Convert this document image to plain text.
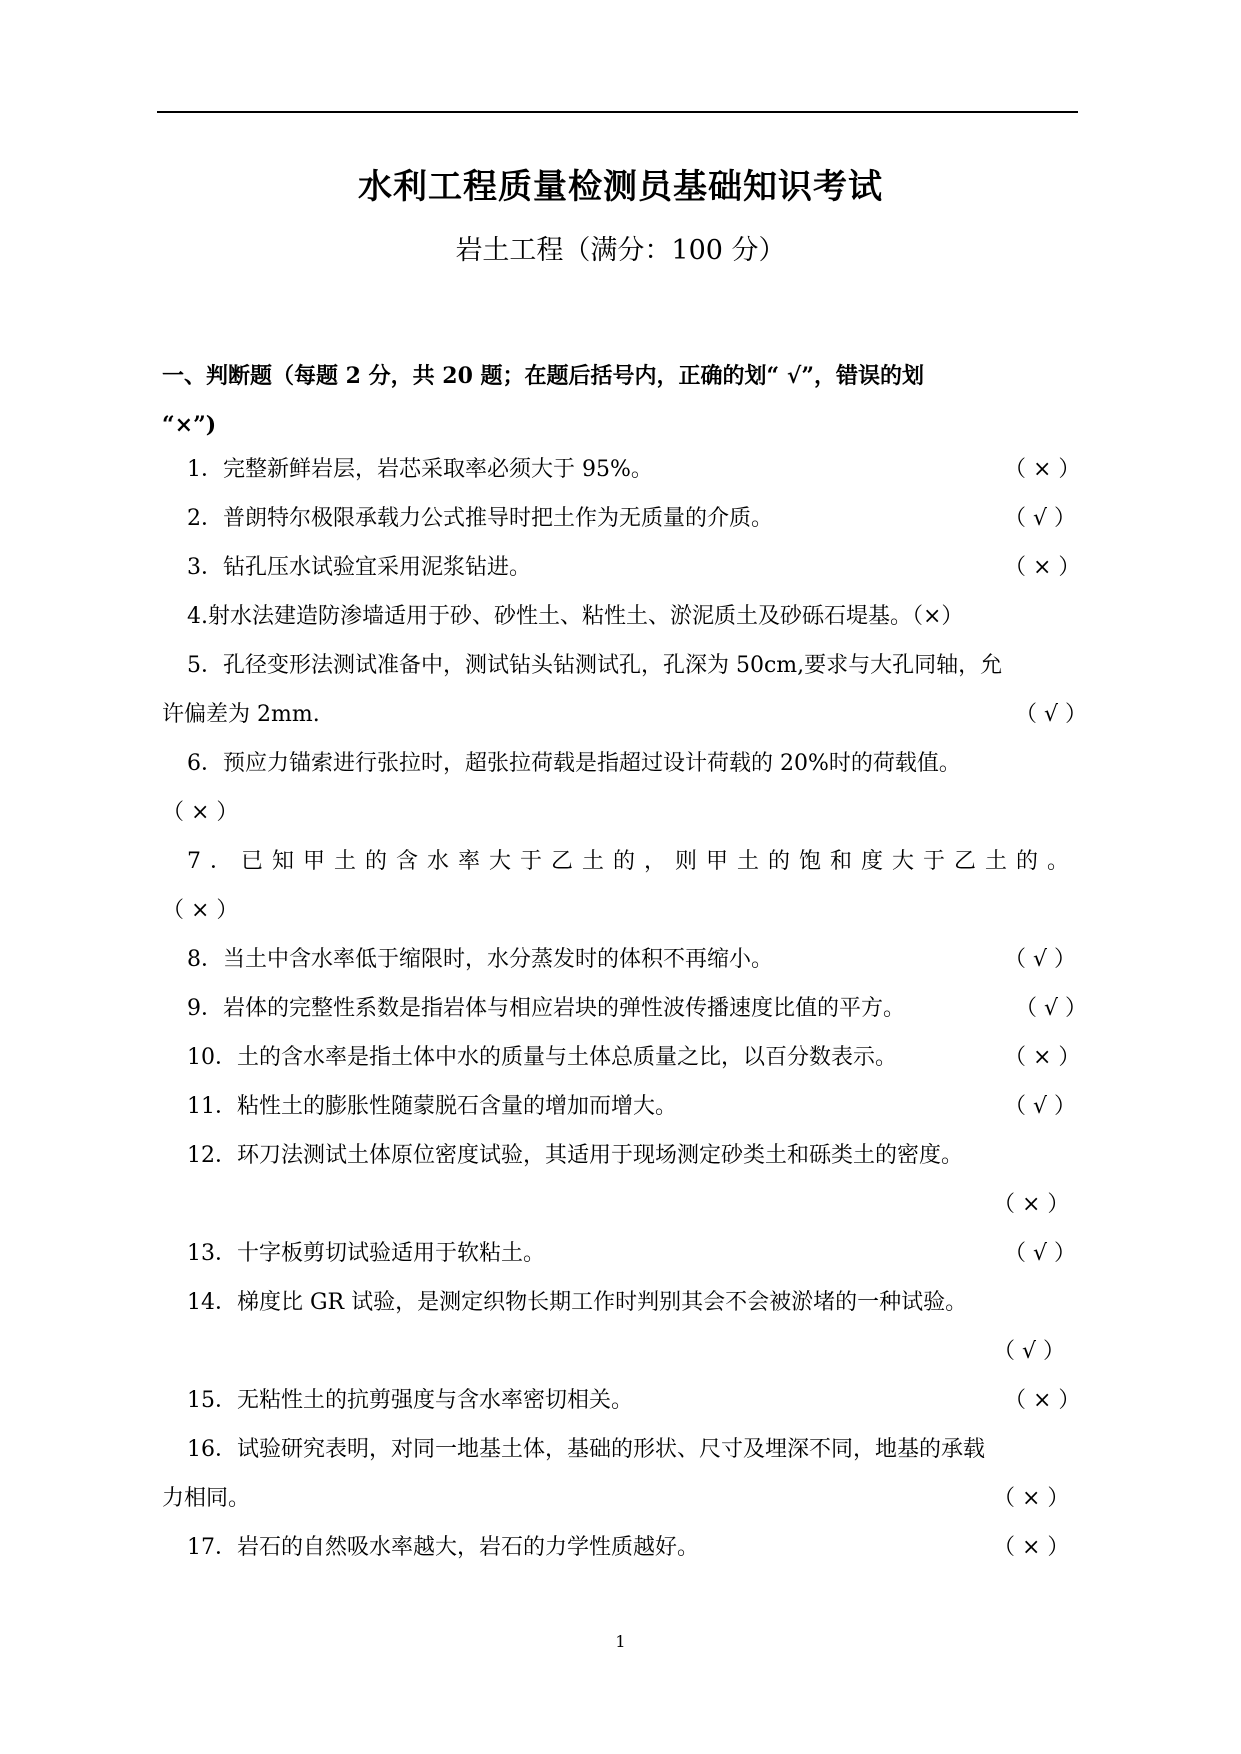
水利工程质量检测员基础知识考试
岩土工程（满分：100 分）
一、判断题（每题 2 分，共 20 题；在题后括号内，正确的划“ √”，错误的划
“×”)
1．完整新鲜岩层，岩芯采取率必须大于 95%。	（ × ）
2．普朗特尔极限承载力公式推导时把土作为无质量的介质。	（ √ ）
3．钻孔压水试验宜采用泥浆钻进。	（ × ）
4.射水法建造防渗墙适用于砂、砂性土、粘性土、淤泥质土及砂砾石堤基。（×）
5．孔径变形法测试准备中，测试钻头钻测试孔，孔深为 50cm,要求与大孔同轴，允
许偏差为 2mm.	（ √ ）
6．预应力锚索进行张拉时，超张拉荷载是指超过设计荷载的 20%时的荷载值。
（ × ）
7．已知甲土的含水率大于乙土的，则甲土的饱和度大于乙土的。
（ × ）
8．当土中含水率低于缩限时，水分蒸发时的体积不再缩小。	（ √ ）
9．岩体的完整性系数是指岩体与相应岩块的弹性波传播速度比值的平方。	（ √ ）
10．土的含水率是指土体中水的质量与土体总质量之比，以百分数表示。	（ × ）
11．粘性土的膨胀性随蒙脱石含量的增加而增大。	（ √ ）
12．环刀法测试土体原位密度试验，其适用于现场测定砂类土和砾类土的密度。
（ × ）
13．十字板剪切试验适用于软粘土。	（ √ ）
14．梯度比 GR 试验，是测定织物长期工作时判别其会不会被淤堵的一种试验。
（ √ ）
15．无粘性土的抗剪强度与含水率密切相关。	（ × ）
16．试验研究表明，对同一地基土体，基础的形状、尺寸及埋深不同，地基的承载
力相同。	（ × ）
17．岩石的自然吸水率越大，岩石的力学性质越好。	（ × ）
1
